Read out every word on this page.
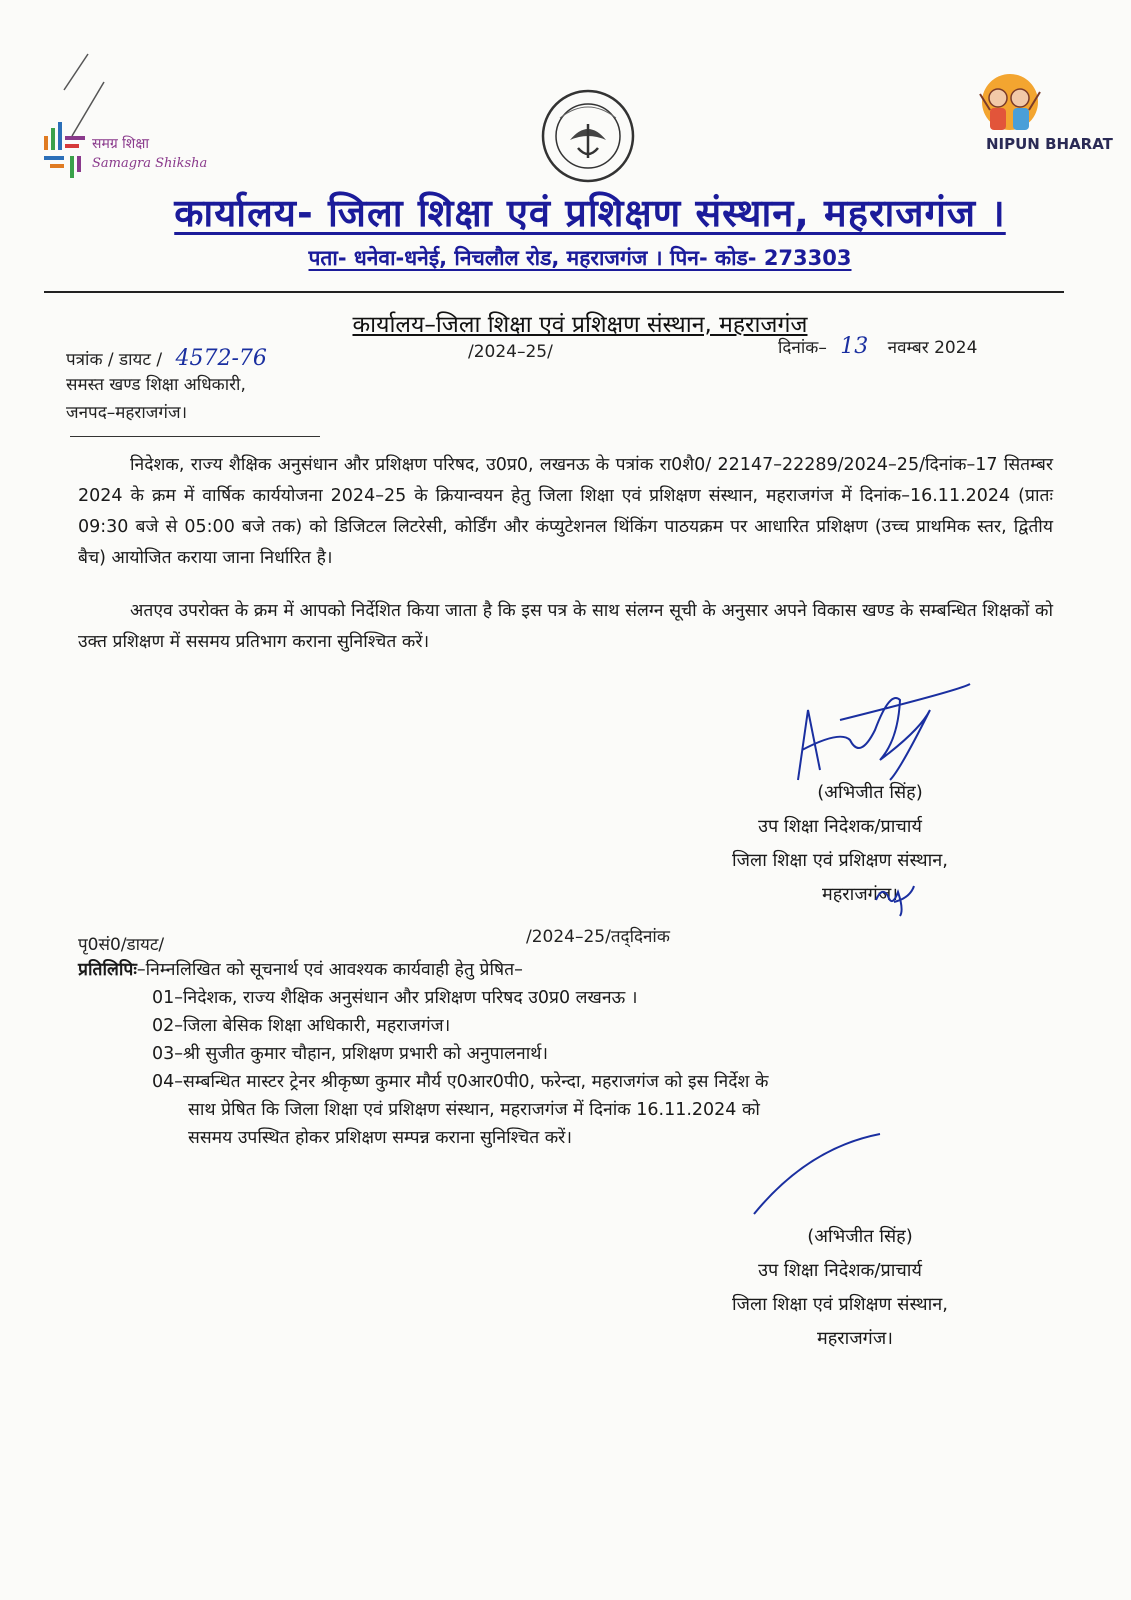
समग्र शिक्षा
Samagra Shiksha
NIPUN BHARAT
कार्यालय- जिला शिक्षा एवं प्रशिक्षण संस्थान, महराजगंज ।
पता- धनेवा-धनेई, निचलौल रोड, महराजगंज । पिन- कोड- 273303
कार्यालय–जिला शिक्षा एवं प्रशिक्षण संस्थान, महराजगंज
पत्रांक / डायट / 4572-76	/2024–25/	दिनांक– 13 नवम्बर 2024
समस्त खण्ड शिक्षा अधिकारी,
जनपद–महराजगंज।
निदेशक, राज्य शैक्षिक अनुसंधान और प्रशिक्षण परिषद, उ0प्र0, लखनऊ के पत्रांक रा0शै0/ 22147–22289/2024–25/दिनांक–17 सितम्बर 2024 के क्रम में वार्षिक कार्ययोजना 2024–25 के क्रियान्वयन हेतु जिला शिक्षा एवं प्रशिक्षण संस्थान, महराजगंज में दिनांक–16.11.2024 (प्रातः 09:30 बजे से 05:00 बजे तक) को डिजिटल लिटरेसी, कोर्डिंग और कंप्युटेशनल थिंकिंग पाठयक्रम पर आधारित प्रशिक्षण (उच्च प्राथमिक स्तर, द्वितीय बैच) आयोजित कराया जाना निर्धारित है।
अतएव उपरोक्त के क्रम में आपको निर्देशित किया जाता है कि इस पत्र के साथ संलग्न सूची के अनुसार अपने विकास खण्ड के सम्बन्धित शिक्षकों को उक्त प्रशिक्षण में ससमय प्रतिभाग कराना सुनिश्चित करें।
(अभिजीत सिंह)
उप शिक्षा निदेशक/प्राचार्य
जिला शिक्षा एवं प्रशिक्षण संस्थान,
महराजगंज।
पृ0सं0/डायट/	/2024–25/तद्‌दिनांक
प्रतिलिपिः–निम्नलिखित को सूचनार्थ एवं आवश्यक कार्यवाही हेतु प्रेषित–
01–निदेशक, राज्य शैक्षिक अनुसंधान और प्रशिक्षण परिषद उ0प्र0 लखनऊ ।
02–जिला बेसिक शिक्षा अधिकारी, महराजगंज।
03–श्री सुजीत कुमार चौहान, प्रशिक्षण प्रभारी को अनुपालनार्थ।
04–सम्बन्धित मास्टर ट्रेनर श्रीकृष्ण कुमार मौर्य ए0आर0पी0, फरेन्दा, महराजगंज को इस निर्देश के
साथ प्रेषित कि जिला शिक्षा एवं प्रशिक्षण संस्थान, महराजगंज में दिनांक 16.11.2024 को
ससमय उपस्थित होकर प्रशिक्षण सम्पन्न कराना सुनिश्चित करें।
(अभिजीत सिंह)
उप शिक्षा निदेशक/प्राचार्य
जिला शिक्षा एवं प्रशिक्षण संस्थान,
महराजगंज।
